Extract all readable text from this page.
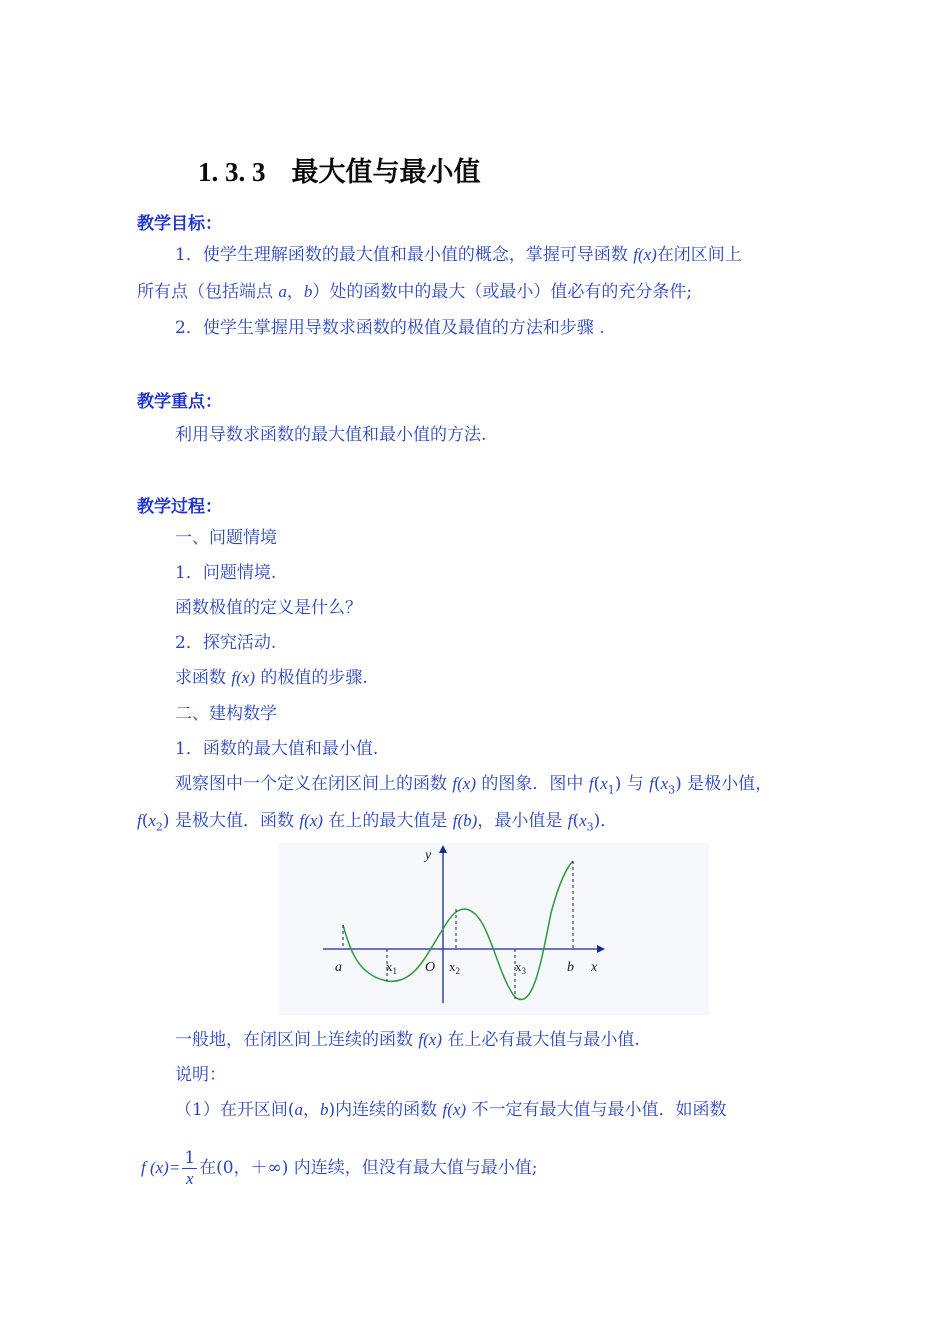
1. 3. 3 最大值与最小值
教学目标：
1．使学生理解函数的最大值和最小值的概念，掌握可导函数 f(x)在闭区间上
所有点（包括端点 a，b）处的函数中的最大（或最小）值必有的充分条件;
2．使学生掌握用导数求函数的极值及最值的方法和步骤 .
教学重点：
利用导数求函数的最大值和最小值的方法.
教学过程：
一、问题情境
1．问题情境.
函数极值的定义是什么？
2．探究活动.
求函数 f(x) 的极值的步骤.
二、建构数学
1．函数的最大值和最小值.
观察图中一个定义在闭区间上的函数 f(x) 的图象．图中 $f(x_1)$ 与 $f(x_3)$ 是极小值，
$f(x_2)$ 是极大值．函数 f(x) 在上的最大值是 f(b)，最小值是 $f(x_3)$．
y
x
a	$x_1$ O $x_2$	$x_3$	b
一般地，在闭区间上连续的函数 f(x) 在上必有最大值与最小值.
说明：
（1）在开区间(a，b)内连续的函数 f(x) 不一定有最大值与最小值．如函数
f $(x)= \frac{1}{x}$ 在(0，＋∞) 内连续，但没有最大值与最小值;
